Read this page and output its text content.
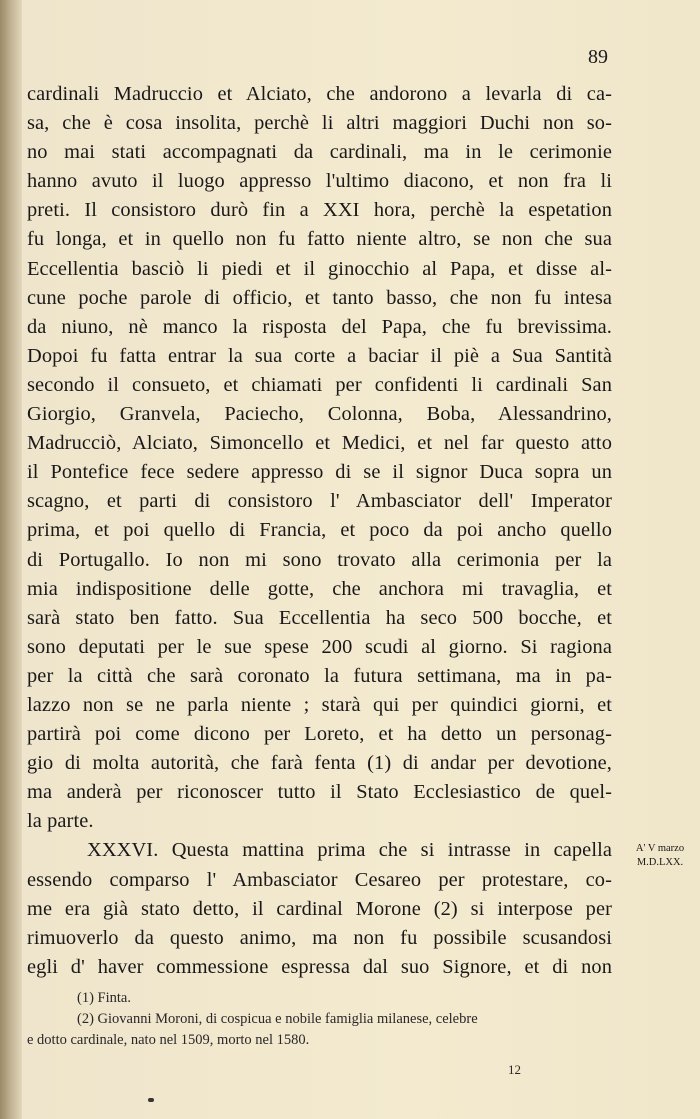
89
cardinali Madruccio et Alciato, che andorono a levarla di ca-
sa, che è cosa insolita, perchè li altri maggiori Duchi non so-
no mai stati accompagnati da cardinali, ma in le cerimonie
hanno avuto il luogo appresso l'ultimo diacono, et non fra li
preti. Il consistoro durò fin a XXI hora, perchè la espetation
fu longa, et in quello non fu fatto niente altro, se non che sua
Eccellentia basciò li piedi et il ginocchio al Papa, et disse al-
cune poche parole di officio, et tanto basso, che non fu intesa
da niuno, nè manco la risposta del Papa, che fu brevissima.
Dopoi fu fatta entrar la sua corte a baciar il piè a Sua Santità
secondo il consueto, et chiamati per confidenti li cardinali San
Giorgio, Granvela, Paciecho, Colonna, Boba, Alessandrino,
Madrucciò, Alciato, Simoncello et Medici, et nel far questo atto
il Pontefice fece sedere appresso di se il signor Duca sopra un
scagno, et parti di consistoro l' Ambasciator dell' Imperator
prima, et poi quello di Francia, et poco da poi ancho quello
di Portugallo. Io non mi sono trovato alla cerimonia per la
mia indispositione delle gotte, che anchora mi travaglia, et
sarà stato ben fatto. Sua Eccellentia ha seco 500 bocche, et
sono deputati per le sue spese 200 scudi al giorno. Si ragiona
per la città che sarà coronato la futura settimana, ma in pa-
lazzo non se ne parla niente ; starà qui per quindici giorni, et
partirà poi come dicono per Loreto, et ha detto un personag-
gio di molta autorità, che farà fenta (1) di andar per devotione,
ma anderà per riconoscer tutto il Stato Ecclesiastico de quel-
la parte.
XXXVI. Questa mattina prima che si intrasse in capella
essendo comparso l' Ambasciator Cesareo per protestare, co-
me era già stato detto, il cardinal Morone (2) si interpose per
rimuoverlo da questo animo, ma non fu possibile scusandosi
egli d' haver commessione espressa dal suo Signore, et di non
A' V marzo
M.D.LXX.
(1) Finta.
(2) Giovanni Moroni, di cospicua e nobile famiglia milanese, celebre
e dotto cardinale, nato nel 1509, morto nel 1580.
12
